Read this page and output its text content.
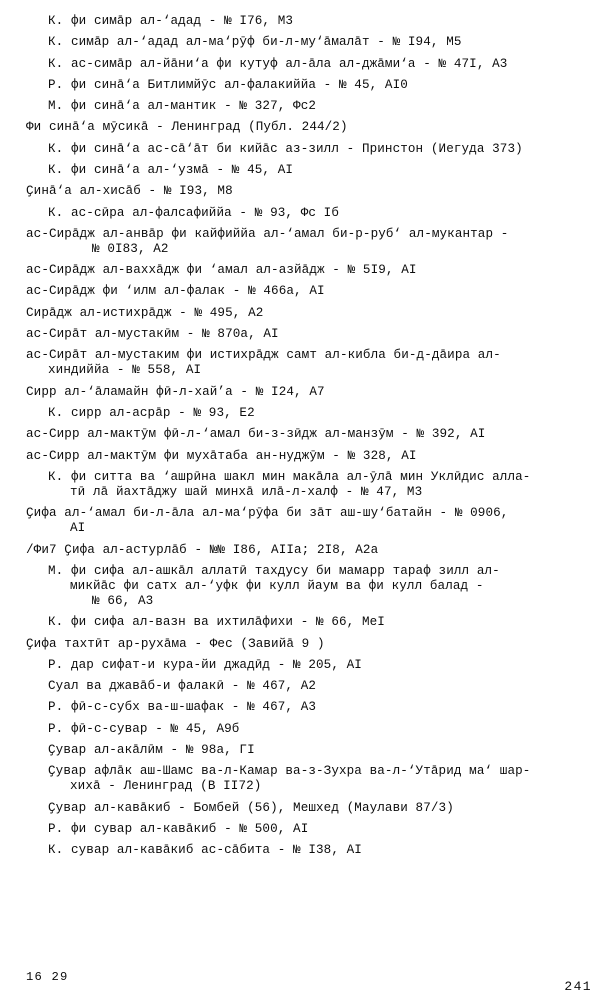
К. фи симāр ал-‘адад - № I76, M3
К. симāр ал-‘адад ал-ма‘рӯф би-л-му‘āмалāт - № I94, M5
К. ас-симāр ал-йāни‘а фи кутуф ал-āла ал-джāми‘а - № 47I, A3
Р. фи синā‘а Битлимйӯс ал-фалакиййа - № 45, AI0
М. фи синā‘а ал-мантик - № 327, Фс2
Фи синā‘а мӯсикā - Ленинград (Публ. 244/2)
К. фи синā‘а ас-сā‘āт би кийāс аз-зилл - Принстон (Иегуда 373)
К. фи синā‘а ал-‘узмā - № 45, AI
Ҫинā‘а ал-хисāб - № I93, M8
К. ас-сӣра ал-фалсафиййа - № 93, Фс Iб
ас-Сирāдж ал-анвāр фи кайфиййа ал-‘амал би-р-руб‘ ал-мукантар -
№ 0I83, A2
ас-Сирāдж ал-ваххāдж фи ‘амал ал-азйāдж - № 5I9, AI
ас-Сирāдж фи ‘илм ал-фалак - № 466а, AI
Сирāдж ал-истихрāдж - № 495, A2
ас-Сирāт ал-мустакӣм - № 870а, AI
ас-Сирāт ал-мустаким фи истихрāдж самт ал-кибла би-д-дāира ал-
хиндиййа - № 558, AI
Сирр ал-‘āламайн фӣ-л-хай’а - № I24, A7
К. сирр ал-асрāр - № 93, E2
ас-Сирр ал-мактӯм фӣ-л-‘амал би-з-зӣдж ал-манзӯм - № 392, AI
ас-Сирр ал-мактӯм фи мухāтаба ан-нуджӯм - № 328, AI
К. фи ситта ва ‘ашрӣна шакл мин макāла ал-ӯлā мин Уклӣдис алла-
тӣ лā йахтāджу шай минхā илā-л-халф - № 47, M3
Ҫифа ал-‘амал би-л-āла ал-ма‘рӯфа би зāт аш-шу‘батайн - № 0906,
AI
/Фи7 Ҫифа ал-астурлāб - №№ I86, AIIа; 2I8, A2а
М. фи сифа ал-ашкāл аллатӣ тахдусу би мамарр тараф зилл ал-
микйāс фи сатх ал-‘уфк фи кулл йаум ва фи кулл балад -
№ 66, A3
К. фи сифа ал-вазн ва ихтилāфихи - № 66, MeI
Ҫифа тахтӣт ар-рухāма - Фес (Завийā 9 )
Р. дар сифат-и кура-йи джадӣд - № 205, AI
Суал ва джавāб-и фалакӣ - № 467, A2
Р. фӣ-с-субх ва-ш-шафак - № 467, A3
Р. фӣ-с-сувар - № 45, A9б
Ҫувар ал-акāлӣм - № 98а, ГI
Ҫувар афлāк аш-Шамс ва-л-Камар ва-з-Зухра ва-л-‘Утāрид ма‘ шар-
хихā - Ленинград (B II72)
Ҫувар ал-кавāкиб - Бомбей (56), Мешхед (Маулави 87/3)
Р. фи сувар ал-кавāкиб - № 500, AI
К. сувар ал-кавāкиб ас-сāбита - № I38, AI
16 29
241
